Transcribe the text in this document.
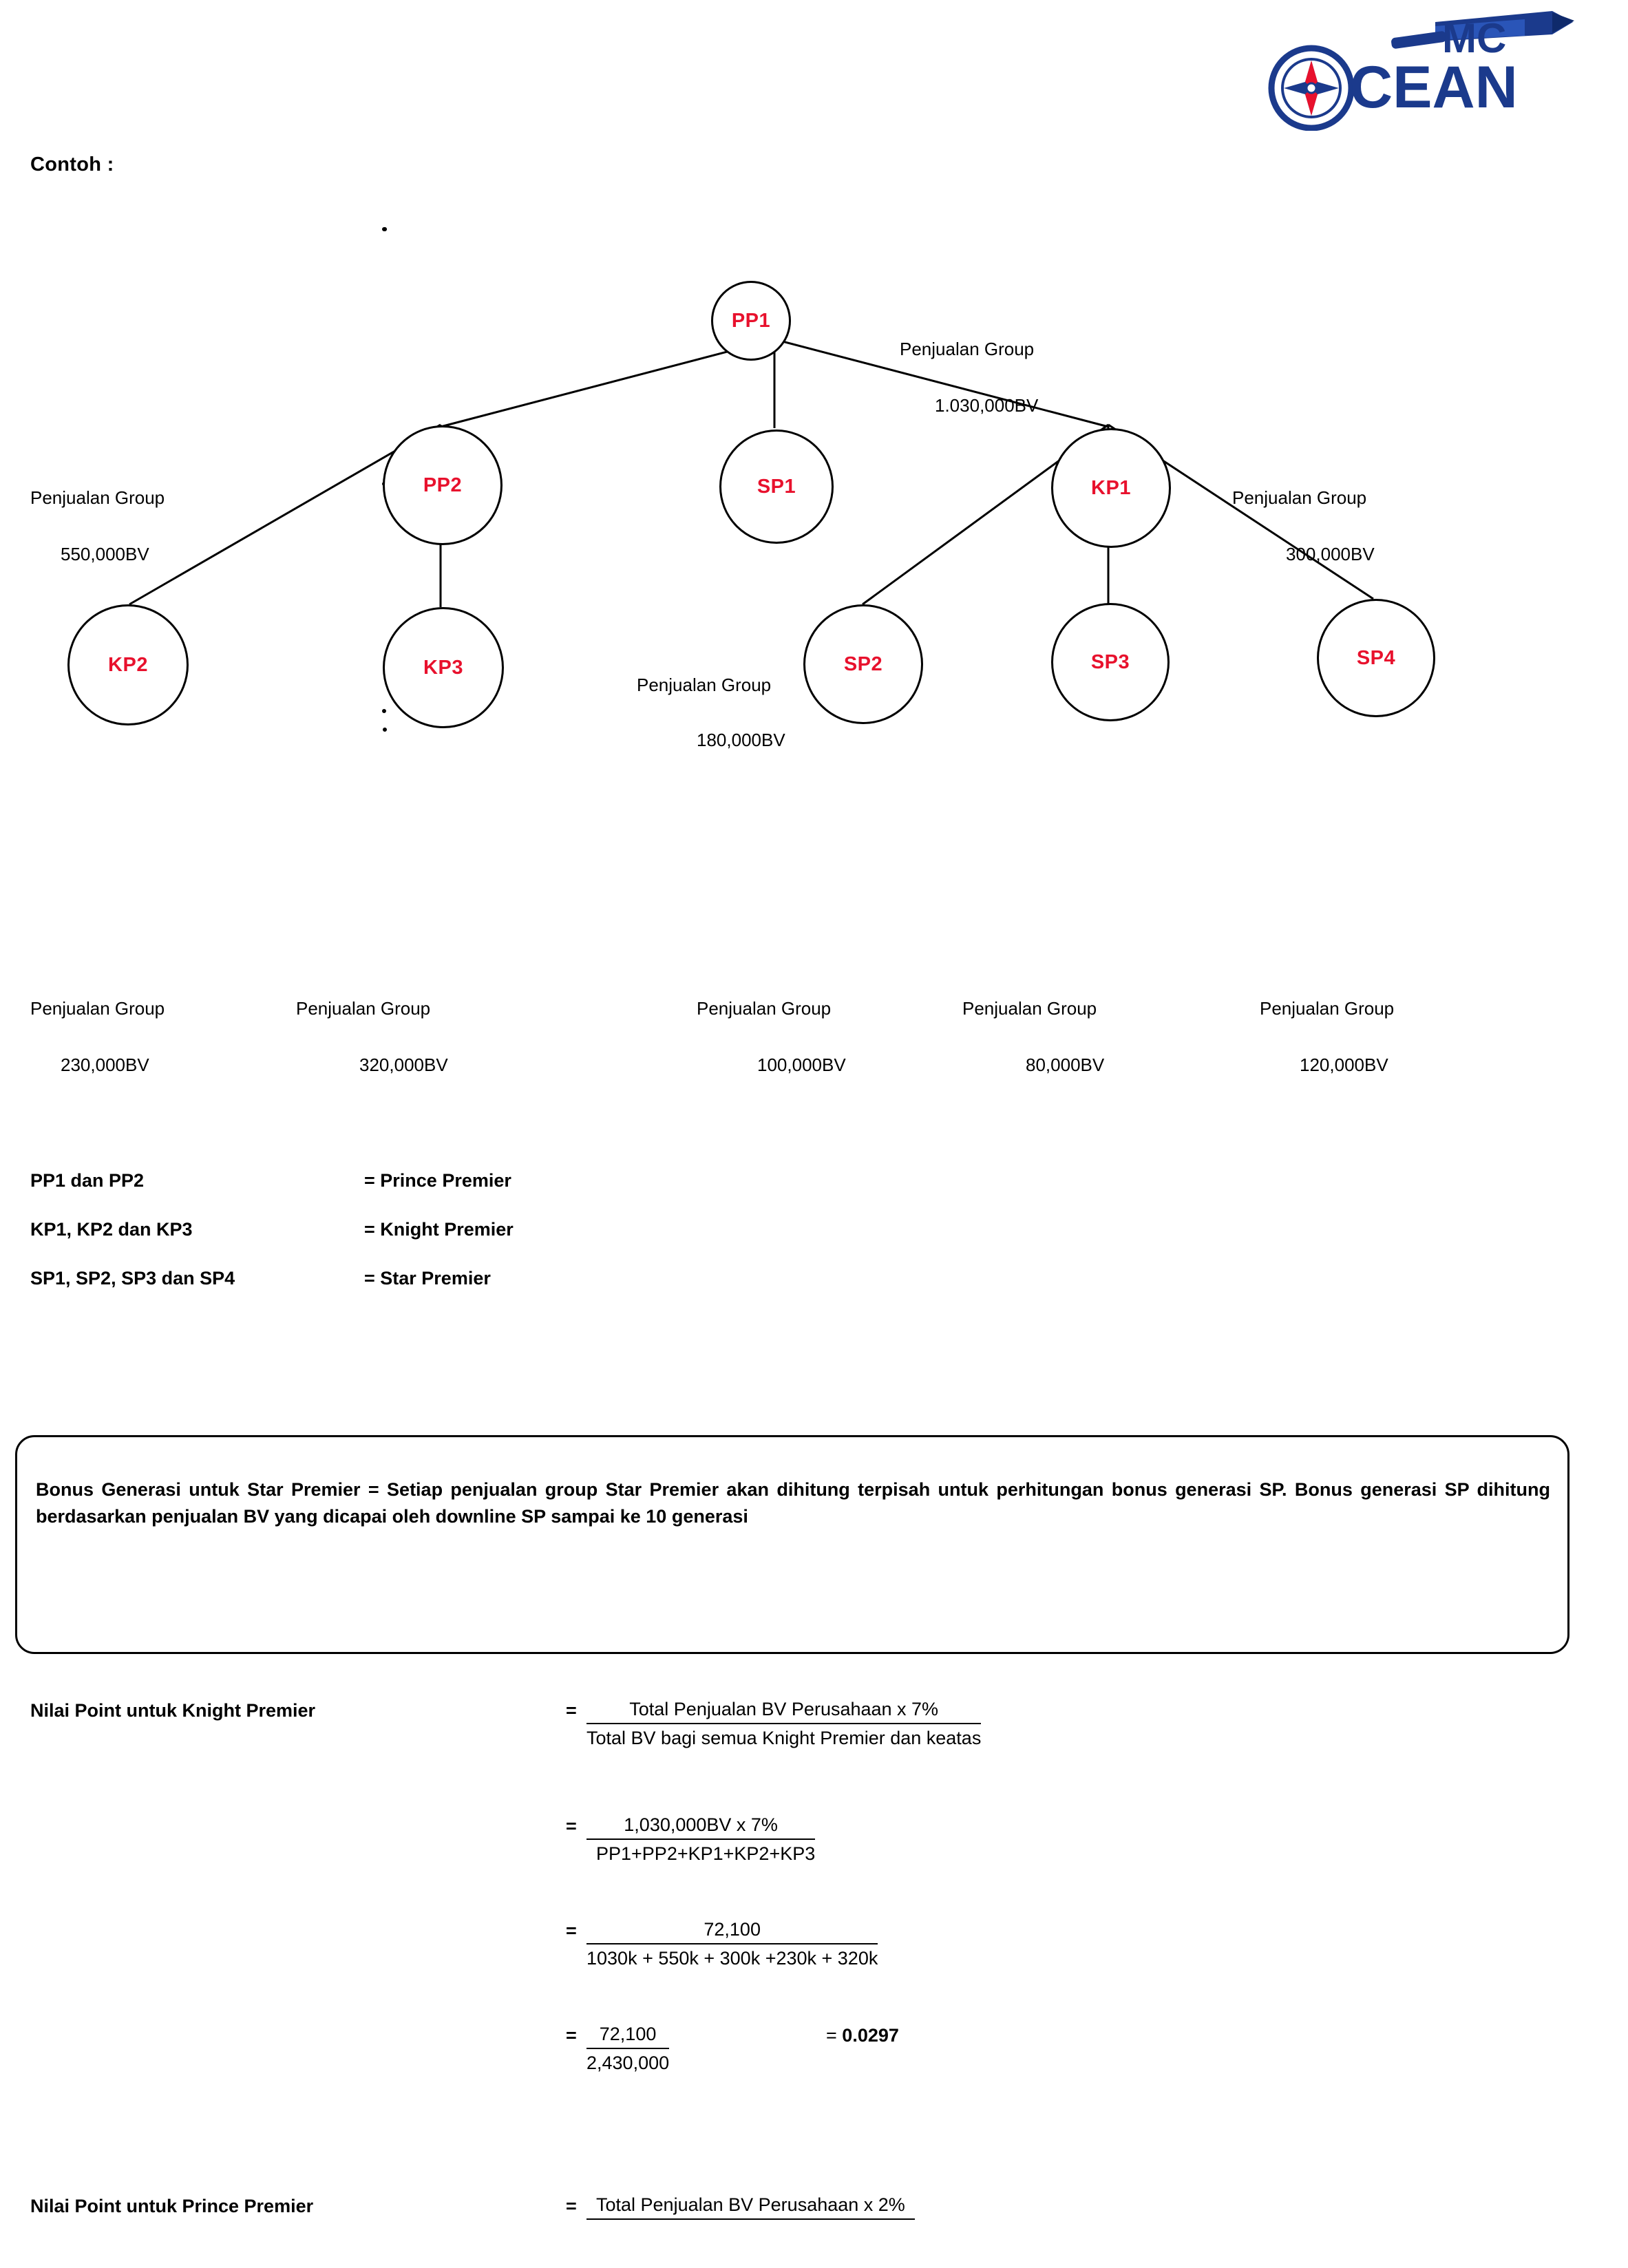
MC
CEAN
Contoh :
PP1
Penjualan Group
1.030,000BV
PP2	SP1	KP1
Penjualan Group
550,000BV
Penjualan Group
300,000BV
Penjualan Group
180,000BV
KP2	KP3	SP2	SP3	SP4
Penjualan Group
230,000BV
Penjualan Group
320,000BV
Penjualan Group
100,000BV
Penjualan Group
80,000BV
Penjualan Group
120,000BV
PP1 dan PP2	= Prince Premier
KP1, KP2 dan KP3	= Knight Premier
SP1, SP2, SP3 dan SP4	= Star Premier
Bonus Generasi untuk Star Premier = Setiap penjualan group Star Premier akan dihitung terpisah untuk perhitungan bonus generasi SP. Bonus generasi SP dihitung berdasarkan penjualan BV yang dicapai oleh downline SP sampai ke 10 generasi
Nilai Point untuk Knight Premier	=	Total Penjualan BV Perusahaan x 7%
Total BV bagi semua Knight Premier dan keatas
= $\frac{\text{1,030,000BV x 7\%}}{PP1+PP2+KP1+KP2+KP3}$
= $\frac{72,100}{1030k + 550k + 300k +230k + 320k}$
= $\frac{72,100}{2,430,000}$	= 0.0297
Nilai Point untuk Prince Premier	=	Total Penjualan BV Perusahaan x 2%
